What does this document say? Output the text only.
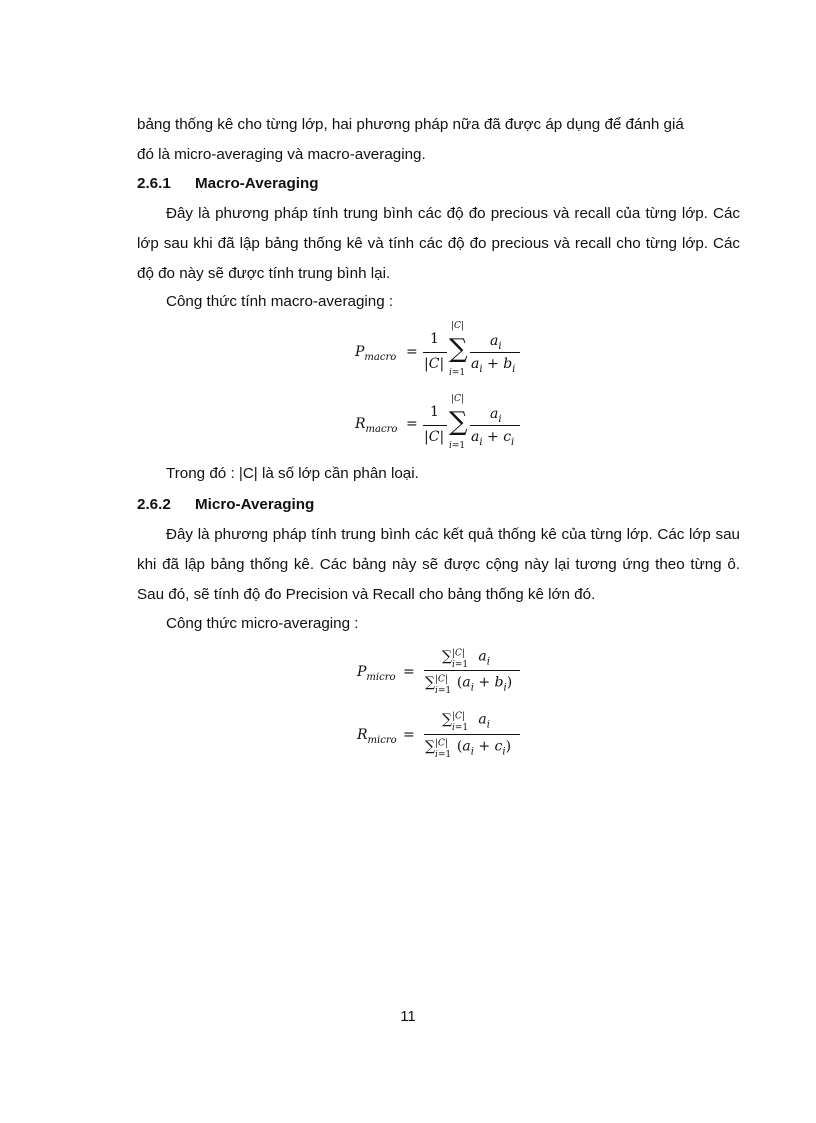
bảng thống kê cho từng lớp, hai phương pháp nữa đã được áp dụng để đánh giá

đó là micro-averaging và macro-averaging.

2.6.1 Macro-Averaging

Đây là phương pháp tính trung bình các độ đo precious và recall của từng lớp. Các lớp sau khi đã lập bảng thống kê và tính các độ đo precious và recall cho từng lớp. Các độ đo này sẽ được tính trung bình lại.

Công thức tính macro-averaging :

$P_{macro}$ =
1
|C|
|C|
∑
i=1
$a_i$
$a_i + b_i$
$R_{macro}$ =
1
|C|
|C|
∑
i=1
$a_i$
$a_i + c_i$

Trong đó : |C| là số lớp cần phân loại.

2.6.2 Micro-Averaging

Đây là phương pháp tính trung bình các kết quả thống kê của từng lớp. Các lớp sau khi đã lập bảng thống kê. Các bảng này sẽ được cộng này lại tương ứng theo từng ô. Sau đó, sẽ tính độ đo Precision và Recall cho bảng thống kê lớn đó.

Công thức micro-averaging :

$P_{micro}$ =
∑$^{|C|}$
i=1
$a_i$
∑$^{|C|}$
i=1 $(a_i + b_i)$
$R_{micro}$ =
∑$^{|C|}$
i=1
$a_i$
∑$^{|C|}$
i=1 $(a_i + c_i)$

11
